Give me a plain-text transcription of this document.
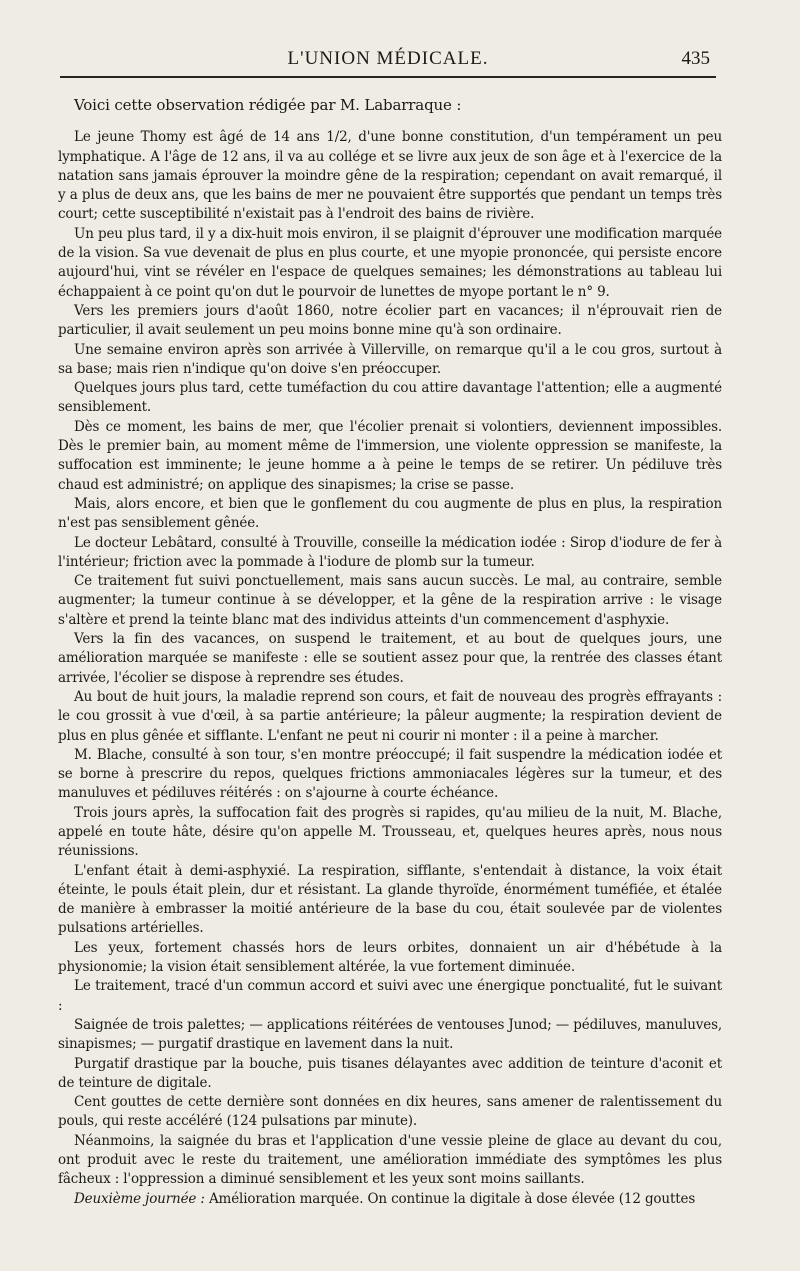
L'UNION MÉDICALE.	435

Voici cette observation rédigée par M. Labarraque :

Le jeune Thomy est âgé de 14 ans 1/2, d'une bonne constitution, d'un tempérament un peu lymphatique. A l'âge de 12 ans, il va au collége et se livre aux jeux de son âge et à l'exercice de la natation sans jamais éprouver la moindre gêne de la respiration; cependant on avait remarqué, il y a plus de deux ans, que les bains de mer ne pouvaient être supportés que pendant un temps très court; cette susceptibilité n'existait pas à l'endroit des bains de rivière.

Un peu plus tard, il y a dix-huit mois environ, il se plaignit d'éprouver une modification marquée de la vision. Sa vue devenait de plus en plus courte, et une myopie prononcée, qui persiste encore aujourd'hui, vint se révéler en l'espace de quelques semaines; les démonstrations au tableau lui échappaient à ce point qu'on dut le pourvoir de lunettes de myope portant le n° 9.

Vers les premiers jours d'août 1860, notre écolier part en vacances; il n'éprouvait rien de particulier, il avait seulement un peu moins bonne mine qu'à son ordinaire.

Une semaine environ après son arrivée à Villerville, on remarque qu'il a le cou gros, surtout à sa base; mais rien n'indique qu'on doive s'en préoccuper.

Quelques jours plus tard, cette tuméfaction du cou attire davantage l'attention; elle a augmenté sensiblement.

Dès ce moment, les bains de mer, que l'écolier prenait si volontiers, deviennent impossibles. Dès le premier bain, au moment même de l'immersion, une violente oppression se manifeste, la suffocation est imminente; le jeune homme a à peine le temps de se retirer. Un pédiluve très chaud est administré; on applique des sinapismes; la crise se passe.

Mais, alors encore, et bien que le gonflement du cou augmente de plus en plus, la respiration n'est pas sensiblement gênée.

Le docteur Lebâtard, consulté à Trouville, conseille la médication iodée : Sirop d'iodure de fer à l'intérieur; friction avec la pommade à l'iodure de plomb sur la tumeur.

Ce traitement fut suivi ponctuellement, mais sans aucun succès. Le mal, au contraire, semble augmenter; la tumeur continue à se développer, et la gêne de la respiration arrive : le visage s'altère et prend la teinte blanc mat des individus atteints d'un commencement d'asphyxie.

Vers la fin des vacances, on suspend le traitement, et au bout de quelques jours, une amélioration marquée se manifeste : elle se soutient assez pour que, la rentrée des classes étant arrivée, l'écolier se dispose à reprendre ses études.

Au bout de huit jours, la maladie reprend son cours, et fait de nouveau des progrès effrayants : le cou grossit à vue d'œil, à sa partie antérieure; la pâleur augmente; la respiration devient de plus en plus gênée et sifflante. L'enfant ne peut ni courir ni monter : il a peine à marcher.

M. Blache, consulté à son tour, s'en montre préoccupé; il fait suspendre la médication iodée et se borne à prescrire du repos, quelques frictions ammoniacales légères sur la tumeur, et des manuluves et pédiluves réitérés : on s'ajourne à courte échéance.

Trois jours après, la suffocation fait des progrès si rapides, qu'au milieu de la nuit, M. Blache, appelé en toute hâte, désire qu'on appelle M. Trousseau, et, quelques heures après, nous nous réunissions.

L'enfant était à demi-asphyxié. La respiration, sifflante, s'entendait à distance, la voix était éteinte, le pouls était plein, dur et résistant. La glande thyroïde, énormément tuméfiée, et étalée de manière à embrasser la moitié antérieure de la base du cou, était soulevée par de violentes pulsations artérielles.

Les yeux, fortement chassés hors de leurs orbites, donnaient un air d'hébétude à la physionomie; la vision était sensiblement altérée, la vue fortement diminuée.

Le traitement, tracé d'un commun accord et suivi avec une énergique ponctualité, fut le suivant :

Saignée de trois palettes; — applications réitérées de ventouses Junod; — pédiluves, manuluves, sinapismes; — purgatif drastique en lavement dans la nuit.

Purgatif drastique par la bouche, puis tisanes délayantes avec addition de teinture d'aconit et de teinture de digitale.

Cent gouttes de cette dernière sont données en dix heures, sans amener de ralentissement du pouls, qui reste accéléré (124 pulsations par minute).

Néanmoins, la saignée du bras et l'application d'une vessie pleine de glace au devant du cou, ont produit avec le reste du traitement, une amélioration immédiate des symptômes les plus fâcheux : l'oppression a diminué sensiblement et les yeux sont moins saillants.

Deuxième journée : Amélioration marquée. On continue la digitale à dose élevée (12 gouttes
